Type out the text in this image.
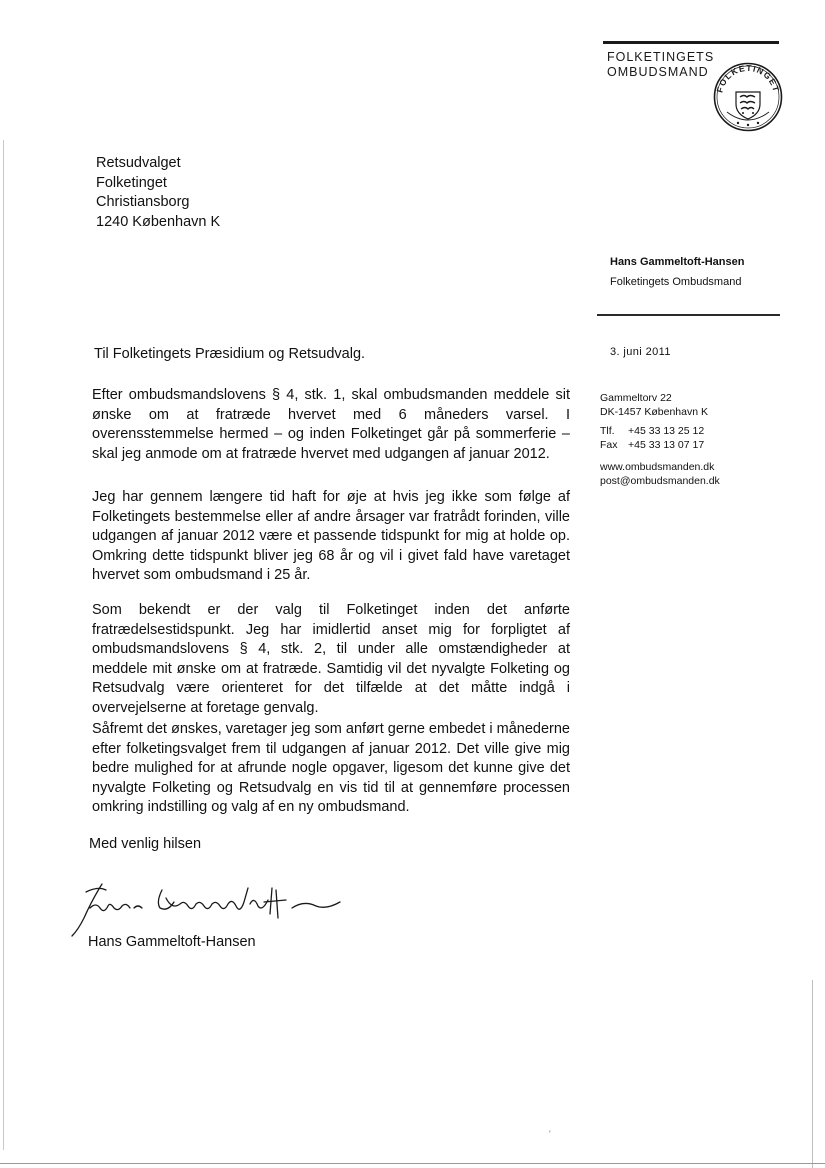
FOLKETINGETS
OMBUDSMAND
FOLKETINGET
Retsudvalget
Folketinget
Christiansborg
1240 København K
Hans Gammeltoft-Hansen
Folketingets Ombudsmand
3. juni 2011
Gammeltorv 22
DK-1457 København K
Tlf. +45 33 13 25 12
Fax +45 33 13 07 17
www.ombudsmanden.dk
post@ombudsmanden.dk
Til Folketingets Præsidium og Retsudvalg.

Efter ombudsmandslovens § 4, stk. 1, skal ombudsmanden meddele sit ønske om at fratræde hvervet med 6 måneders varsel. I overensstemmelse hermed – og inden Folketinget går på sommerferie – skal jeg anmode om at fratræde hvervet med udgangen af januar 2012.

Jeg har gennem længere tid haft for øje at hvis jeg ikke som følge af Folketingets bestemmelse eller af andre årsager var fratrådt forinden, ville udgangen af januar 2012 være et passende tidspunkt for mig at holde op. Omkring dette tidspunkt bliver jeg 68 år og vil i givet fald have varetaget hvervet som ombudsmand i 25 år.

Som bekendt er der valg til Folketinget inden det anførte fratrædelsestidspunkt. Jeg har imidlertid anset mig for forpligtet af ombudsmandslovens § 4, stk. 2, til under alle omstændigheder at meddele mit ønske om at fratræde. Samtidig vil det nyvalgte Folketing og Retsudvalg være orienteret for det tilfælde at det måtte indgå i overvejelserne at foretage genvalg.

Såfremt det ønskes, varetager jeg som anført gerne embedet i månederne efter folketingsvalget frem til udgangen af januar 2012. Det ville give mig bedre mulighed for at afrunde nogle opgaver, ligesom det kunne give det nyvalgte Folketing og Retsudvalg en vis tid til at gennemføre processen omkring indstilling og valg af en ny ombudsmand.

Med venlig hilsen
Hans Gammeltoft-Hansen
'
